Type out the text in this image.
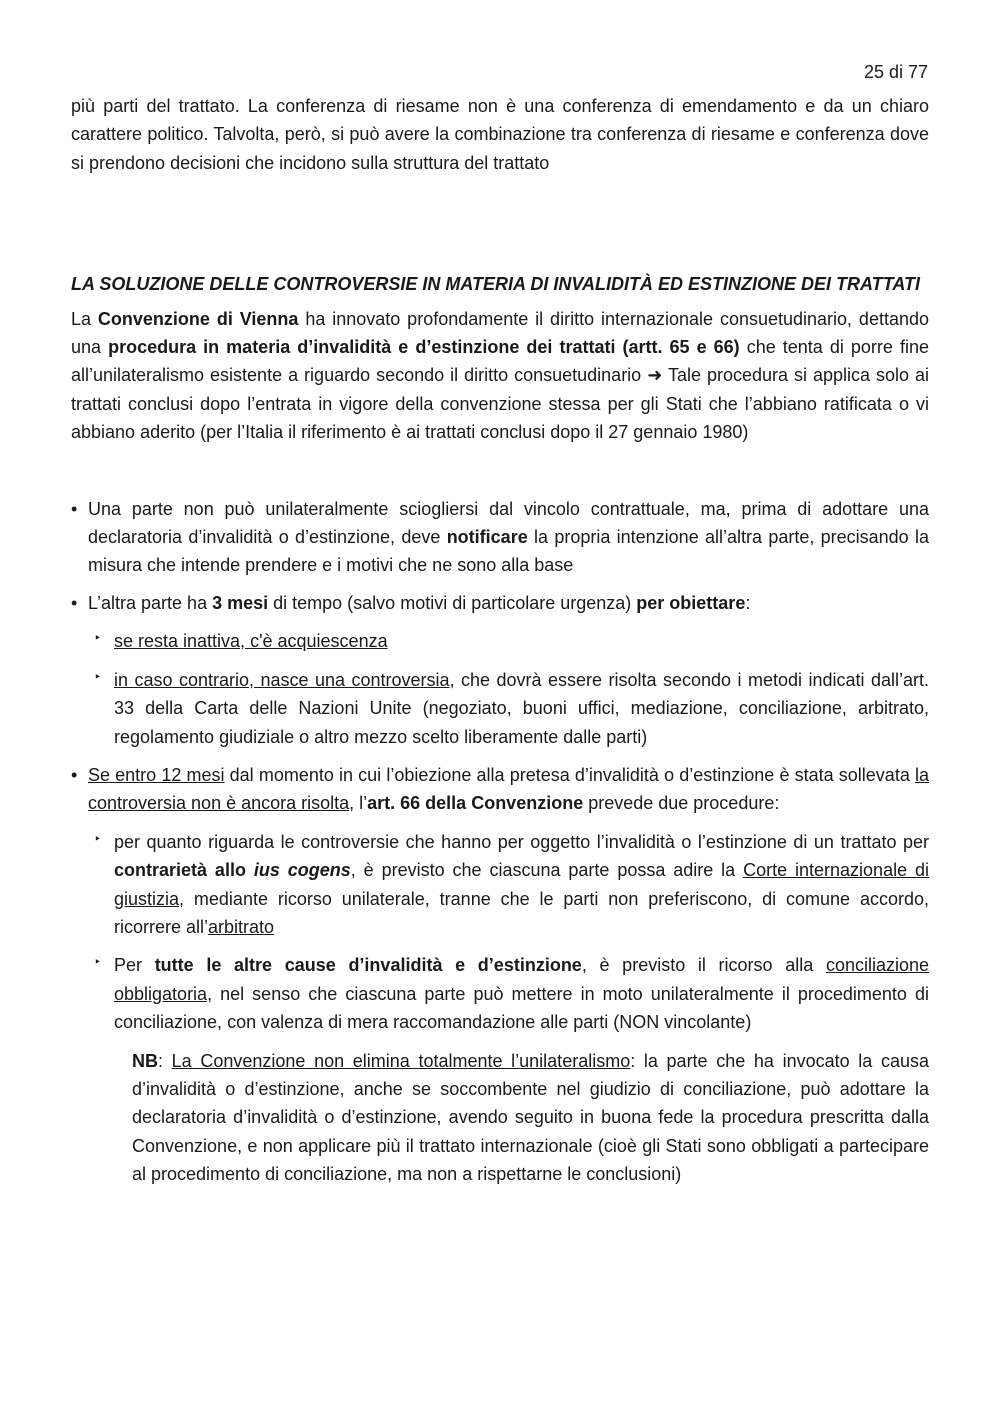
25 di 77

più parti del trattato. La conferenza di riesame non è una conferenza di emendamento e da un chiaro carattere politico. Talvolta, però, si può avere la combinazione tra conferenza di riesame e conferenza dove si prendono decisioni che incidono sulla struttura del trattato

LA SOLUZIONE DELLE CONTROVERSIE IN MATERIA DI INVALIDITÀ ED ESTINZIONE DEI TRATTATI

La Convenzione di Vienna ha innovato profondamente il diritto internazionale consuetudinario, dettando una procedura in materia d’invalidità e d’estinzione dei trattati (artt. 65 e 66) che tenta di porre fine all’unilateralismo esistente a riguardo secondo il diritto consuetudinario ➜ Tale procedura si applica solo ai trattati conclusi dopo l’entrata in vigore della convenzione stessa per gli Stati che l’abbiano ratificata o vi abbiano aderito (per l’Italia il riferimento è ai trattati conclusi dopo il 27 gennaio 1980)

• Una parte non può unilateralmente sciogliersi dal vincolo contrattuale, ma, prima di adottare una declaratoria d’invalidità o d’estinzione, deve notificare la propria intenzione all’altra parte, precisando la misura che intende prendere e i motivi che ne sono alla base
• L’altra parte ha 3 mesi di tempo (salvo motivi di particolare urgenza) per obiettare:
‣ se resta inattiva, c'è acquiescenza
‣ in caso contrario, nasce una controversia, che dovrà essere risolta secondo i metodi indicati dall’art. 33 della Carta delle Nazioni Unite (negoziato, buoni uffici, mediazione, conciliazione, arbitrato, regolamento giudiziale o altro mezzo scelto liberamente dalle parti)
• Se entro 12 mesi dal momento in cui l’obiezione alla pretesa d’invalidità o d’estinzione è stata sollevata la controversia non è ancora risolta, l’art. 66 della Convenzione prevede due procedure:
‣ per quanto riguarda le controversie che hanno per oggetto l’invalidità o l’estinzione di un trattato per contrarietà allo ius cogens, è previsto che ciascuna parte possa adire la Corte internazionale di giustizia, mediante ricorso unilaterale, tranne che le parti non preferiscono, di comune accordo, ricorrere all’arbitrato
‣ Per tutte le altre cause d’invalidità e d’estinzione, è previsto il ricorso alla conciliazione obbligatoria, nel senso che ciascuna parte può mettere in moto unilateralmente il procedimento di conciliazione, con valenza di mera raccomandazione alle parti (NON vincolante)

NB: La Convenzione non elimina totalmente l’unilateralismo: la parte che ha invocato la causa d’invalidità o d’estinzione, anche se soccombente nel giudizio di conciliazione, può adottare la declaratoria d’invalidità o d’estinzione, avendo seguito in buona fede la procedura prescritta dalla Convenzione, e non applicare più il trattato internazionale (cioè gli Stati sono obbligati a partecipare al procedimento di conciliazione, ma non a rispettarne le conclusioni)
